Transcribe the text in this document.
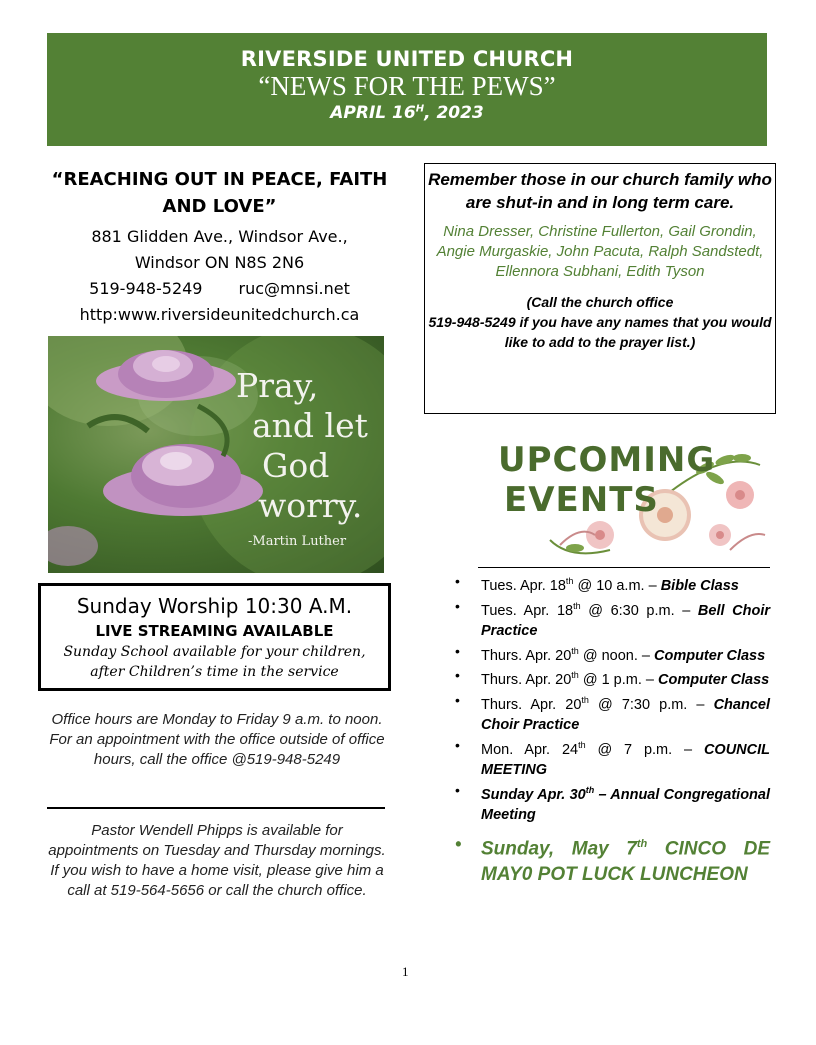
RIVERSIDE UNITED CHURCH
“NEWS FOR THE PEWS”
APRIL $16^H$, 2023
“REACHING OUT IN PEACE, FAITH
AND LOVE”
881 Glidden Ave., Windsor Ave.,
Windsor ON N8S 2N6
519-948-5249 ruc@mnsi.net
http:www.riversideunitedchurch.ca
Pray,
and let
God
worry.
-Martin Luther
Sunday Worship 10:30 A.M.
LIVE STREAMING AVAILABLE
Sunday School available for your children,
after Children’s time in the service
Office hours are Monday to Friday 9 a.m. to noon. For an appointment with the office outside of office hours, call the office @519-948-5249
Pastor Wendell Phipps is available for appointments on Tuesday and Thursday mornings. If you wish to have a home visit, please give him a call at 519-564-5656 or call the church office.
Remember those in our church family who are shut-in and in long term care.
Nina Dresser, Christine Fullerton, Gail Grondin, Angie Murgaskie, John Pacuta, Ralph Sandstedt, Ellennora Subhani, Edith Tyson
(Call the church office
519-948-5249 if you have any names that you would like to add to the prayer list.)
UPCOMING
EVENTS
• Tues. Apr. 18th @ 10 a.m. – Bible Class
• Tues. Apr. 18th @ 6:30 p.m. – Bell Choir Practice
• Thurs. Apr. 20th @ noon. – Computer Class
• Thurs. Apr. 20th @ 1 p.m. – Computer Class
• Thurs. Apr. 20th @ 7:30 p.m. – Chancel Choir Practice
• Mon. Apr. 24th @ 7 p.m. – COUNCIL MEETING
• Sunday Apr. 30th – Annual Congregational Meeting
• Sunday, May 7th CINCO DE MAY0 POT LUCK LUNCHEON
1
